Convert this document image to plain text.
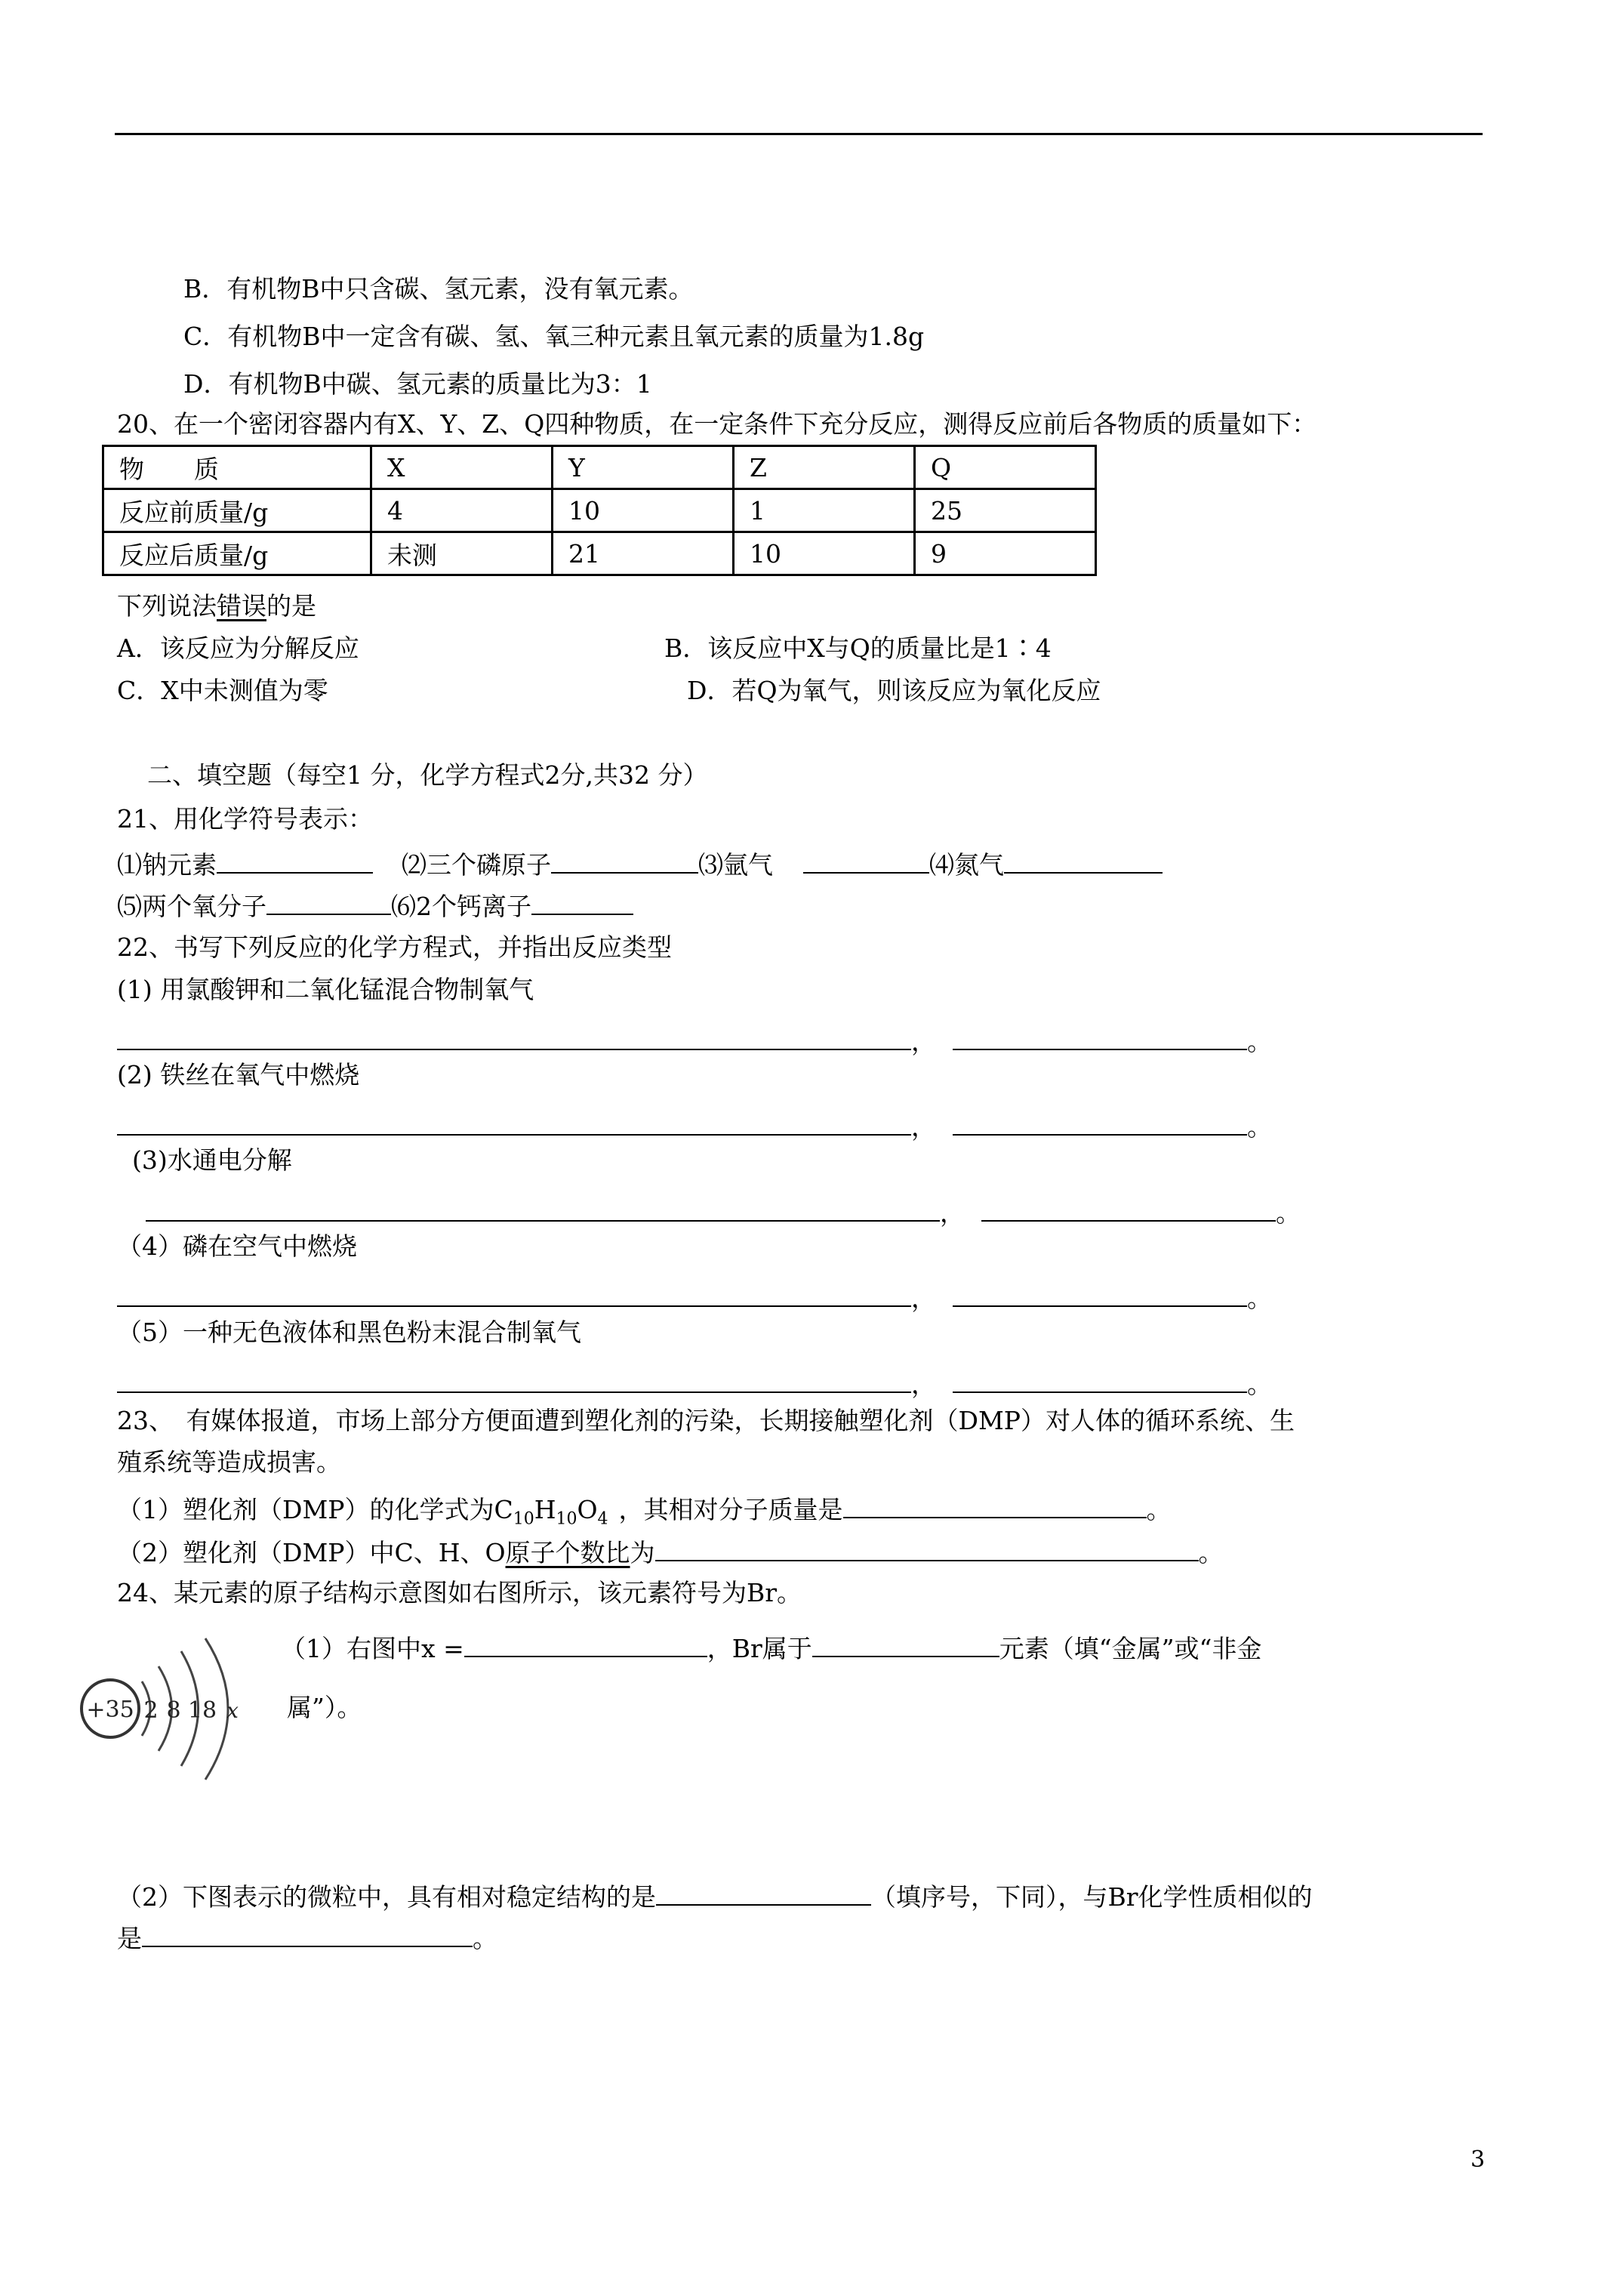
B．有机物B中只含碳、氢元素，没有氧元素。
C．有机物B中一定含有碳、氢、氧三种元素且氧元素的质量为1.8g
D．有机物B中碳、氢元素的质量比为3：1
20、在一个密闭容器内有X、Y、Z、Q四种物质，在一定条件下充分反应，测得反应前后各物质的质量如下：
物　　质	X	Y	Z	Q
反应前质量/g	4	10	1	25
反应后质量/g	未测	21	10	9
下列说法错误的是
A．该反应为分解反应	B．该反应中X与Q的质量比是1∶4
C．X中未测值为零	D．若Q为氧气，则该反应为氧化反应
二、填空题（每空1 分，化学方程式2分,共32 分）
21、用化学符号表示：
⑴钠元素	⑵三个磷原子	⑶氩气	⑷氮气
⑸两个氧分子	⑹2个钙离子
22、书写下列反应的化学方程式，并指出反应类型
(1) 用氯酸钾和二氧化锰混合物制氧气
，	。
(2) 铁丝在氧气中燃烧
，	。
(3)水通电分解
，	。
（4）磷在空气中燃烧
，	。
（5）一种无色液体和黑色粉末混合制氧气
，	。
23、　有媒体报道，市场上部分方便面遭到塑化剂的污染，长期接触塑化剂（DMP）对人体的循环系统、生
殖系统等造成损害。
（1）塑化剂（DMP）的化学式为$C_{10}H_{10}O_4$ ，其相对分子质量是	。
（2）塑化剂（DMP）中C、H、O原子个数比为	。
24、某元素的原子结构示意图如右图所示，该元素符号为Br。
+35 2 8 18 x
（1）右图中x =	，Br属于	元素（填“金属”或“非金
属”）。
（2）下图表示的微粒中，具有相对稳定结构的是	（填序号，下同），与Br化学性质相似的
是	。
3
